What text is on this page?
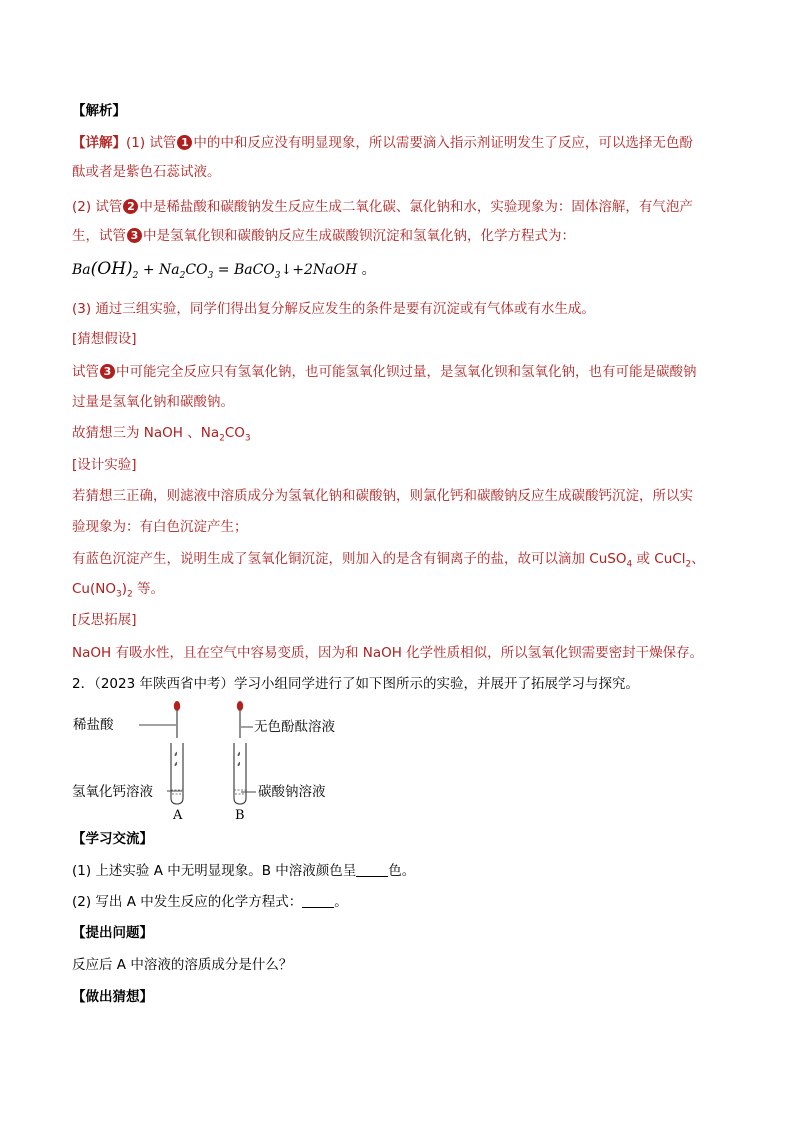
【解析】
【详解】(1) 试管 1 中的中和反应没有明显现象，所以需要滴入指示剂证明发生了反应，可以选择无色酚
酞或者是紫色石蕊试液。
(2) 试管 2 中是稀盐酸和碳酸钠发生反应生成二氧化碳、氯化钠和水，实验现象为：固体溶解，有气泡产
生，试管 3 中是氢氧化钡和碳酸钠反应生成碳酸钡沉淀和氢氧化钠，化学方程式为：
$Ba(OH)_2 + Na_2CO_3$ = BaCO$_3$↓+2NaOH 。
(3) 通过三组实验，同学们得出复分解反应发生的条件是要有沉淀或有气体或有水生成。
[猜想假设]
试管 3 中可能完全反应只有氢氧化钠，也可能氢氧化钡过量，是氢氧化钡和氢氧化钠，也有可能是碳酸钠
过量是氢氧化钠和碳酸钠。
故猜想三为 NaOH 、$Na_2CO_3$
[设计实验]
若猜想三正确，则滤液中溶质成分为氢氧化钠和碳酸钠，则氯化钙和碳酸钠反应生成碳酸钙沉淀，所以实
验现象为：有白色沉淀产生；
有蓝色沉淀产生，说明生成了氢氧化铜沉淀，则加入的是含有铜离子的盐，故可以滴加 CuSO$_4$ 或 CuCl$_2$、
$Cu(NO_3)_2$ 等。
[反思拓展]
NaOH 有吸水性，且在空气中容易变质，因为和 NaOH 化学性质相似，所以氢氧化钡需要密封干燥保存。
2．（2023 年陕西省中考）学习小组同学进行了如下图所示的实验，并展开了拓展学习与探究。
稀盐酸
氢氧化钙溶液
A
无色酚酞溶液
碳酸钠溶液
B
【学习交流】
(1) 上述实验 A 中无明显现象。B 中溶液颜色呈 色。
(2) 写出 A 中发生反应的化学方程式： 。
【提出问题】
反应后 A 中溶液的溶质成分是什么？
【做出猜想】
